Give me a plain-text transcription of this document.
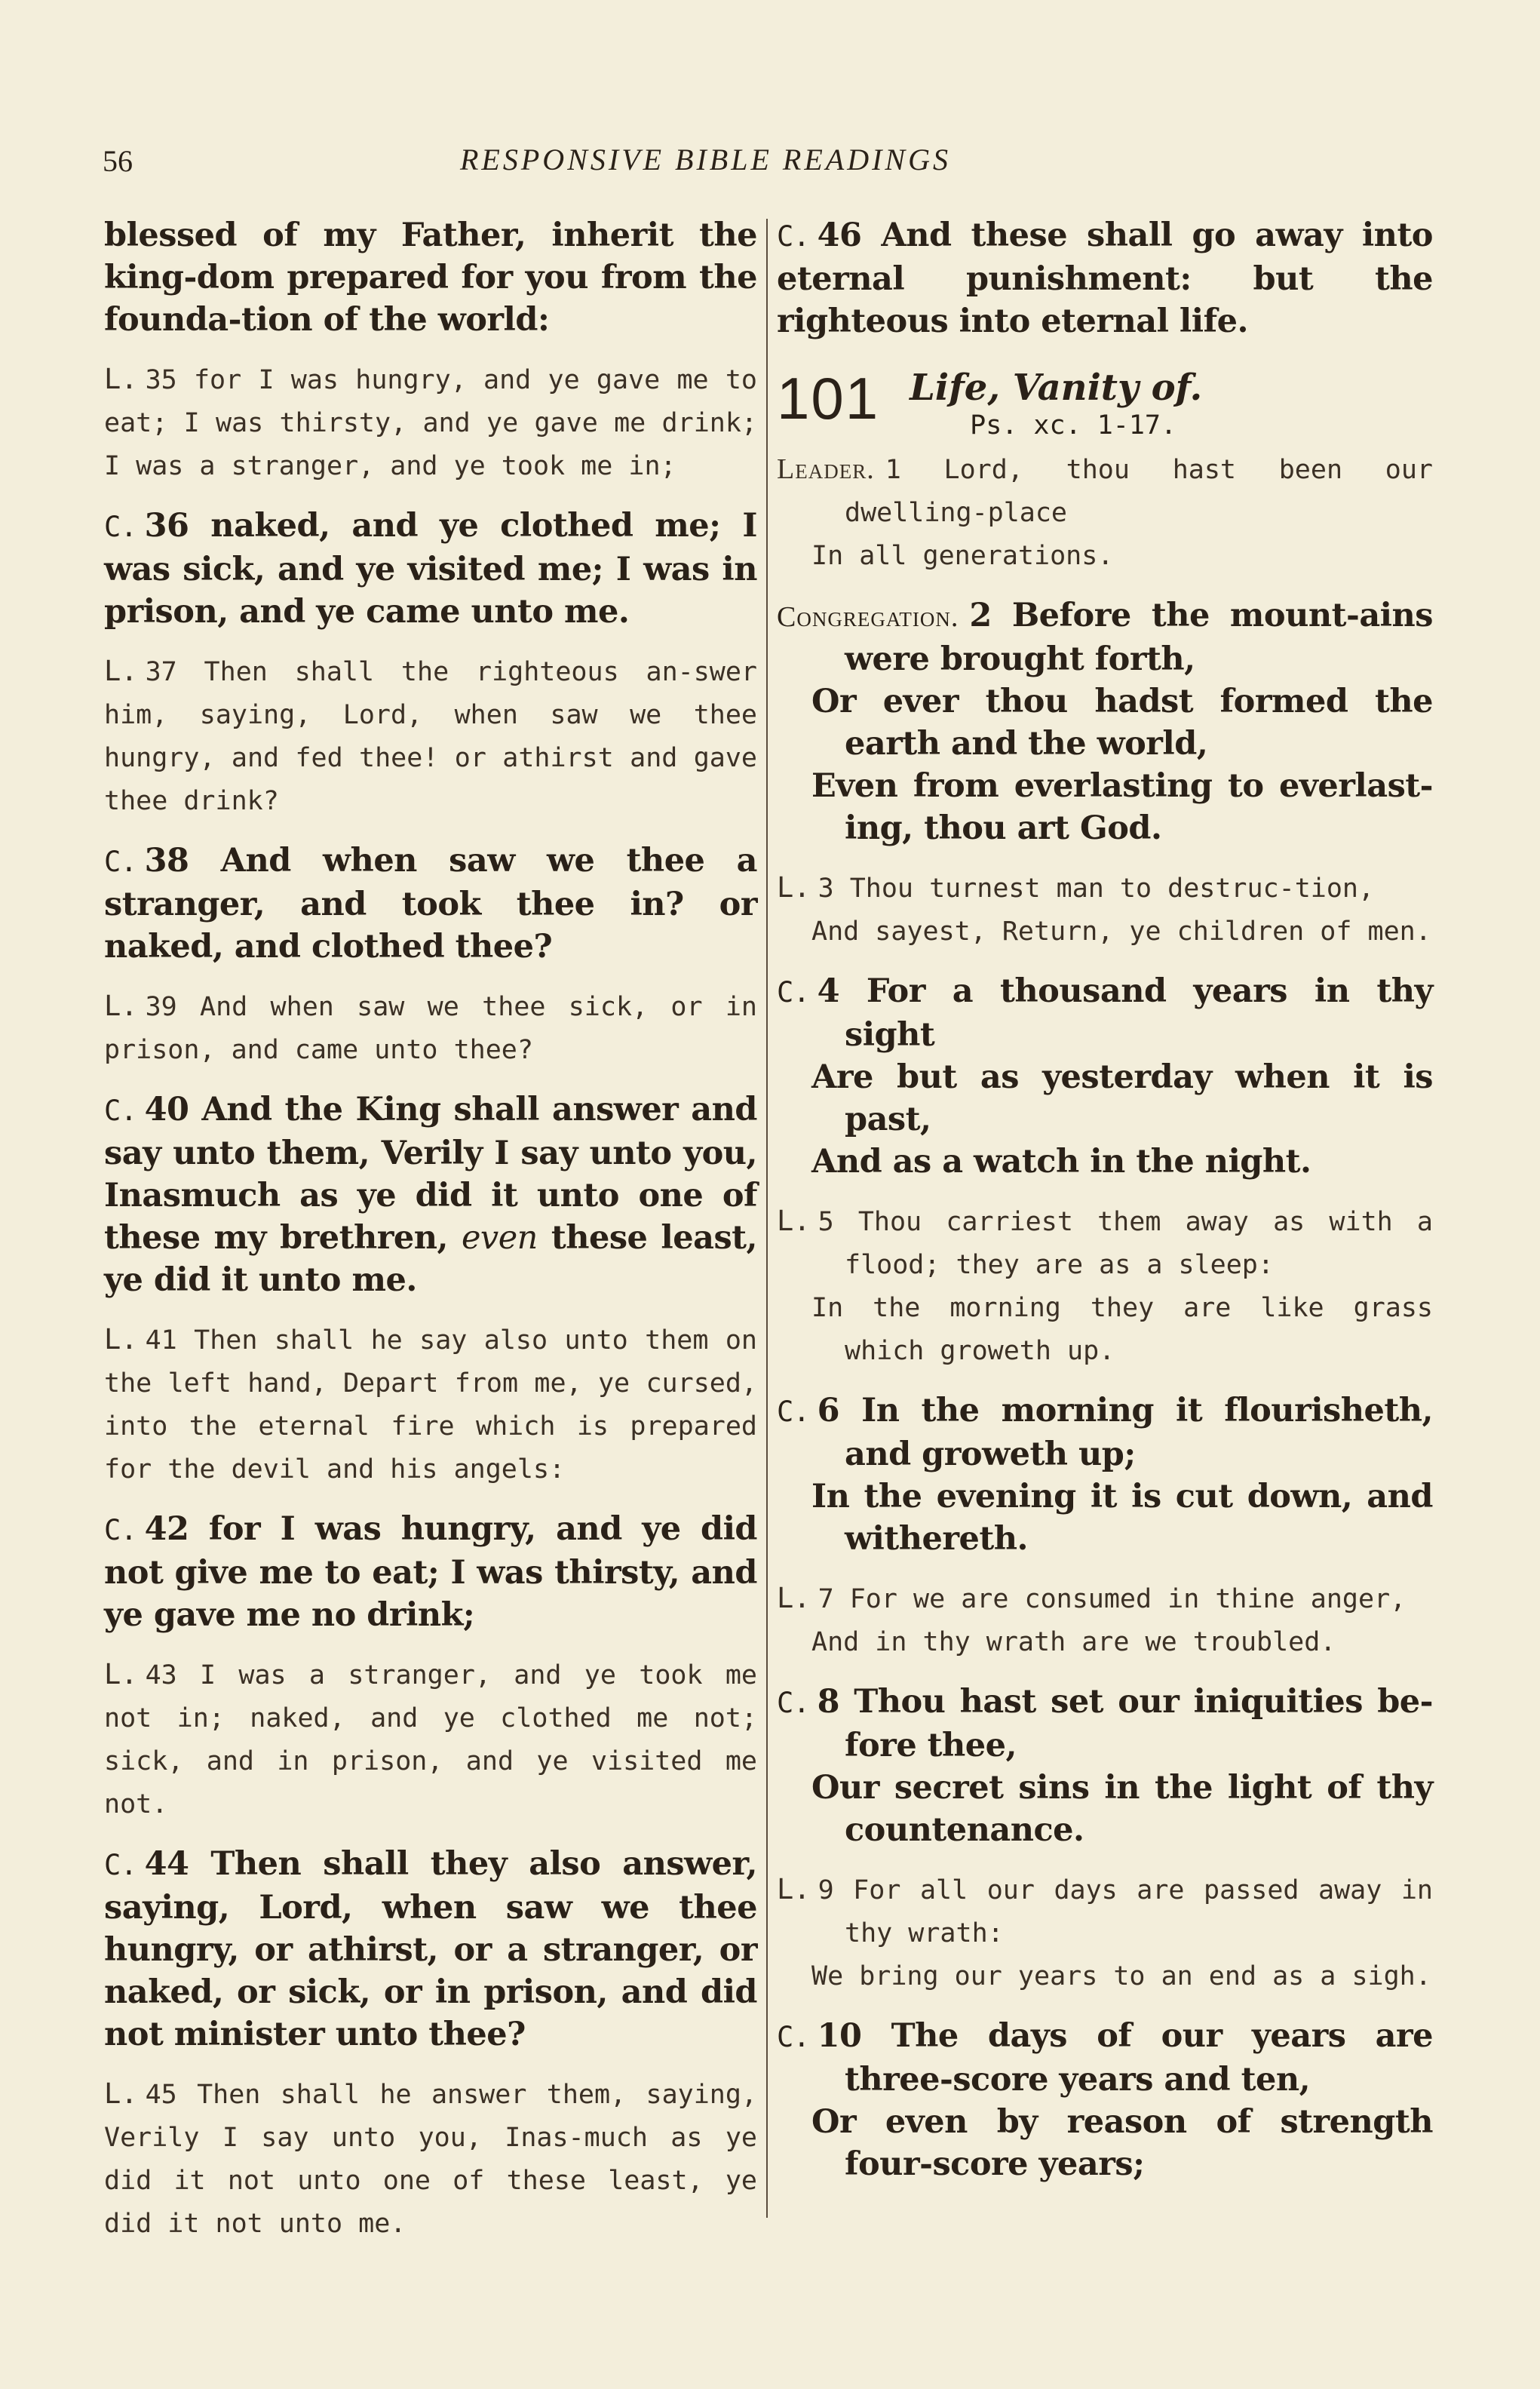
56	RESPONSIVE BIBLE READINGS

blessed of my Father, inherit the king-dom prepared for you from the founda-tion of the world:

L. 35 for I was hungry, and ye gave me to eat; I was thirsty, and ye gave me drink; I was a stranger, and ye took me in;

C. 36 naked, and ye clothed me; I was sick, and ye visited me; I was in prison, and ye came unto me.

L. 37 Then shall the righteous an-swer him, saying, Lord, when saw we thee hungry, and fed thee! or athirst and gave thee drink?

C. 38 And when saw we thee a stranger, and took thee in? or naked, and clothed thee?

L. 39 And when saw we thee sick, or in prison, and came unto thee?

C. 40 And the King shall answer and say unto them, Verily I say unto you, Inasmuch as ye did it unto one of these my brethren, even these least, ye did it unto me.

L. 41 Then shall he say also unto them on the left hand, Depart from me, ye cursed, into the eternal fire which is prepared for the devil and his angels:

C. 42 for I was hungry, and ye did not give me to eat; I was thirsty, and ye gave me no drink;

L. 43 I was a stranger, and ye took me not in; naked, and ye clothed me not; sick, and in prison, and ye visited me not.

C. 44 Then shall they also answer, saying, Lord, when saw we thee hungry, or athirst, or a stranger, or naked, or sick, or in prison, and did not minister unto thee?

L. 45 Then shall he answer them, saying, Verily I say unto you, Inas-much as ye did it not unto one of these least, ye did it not unto me.

C. 46 And these shall go away into eternal punishment: but the righteous into eternal life.

101 Life, Vanity of.
Ps. xc. 1-17.

Leader. 1 Lord, thou hast been our dwelling-place
In all generations.

Congregation. 2 Before the mount-ains were brought forth,
Or ever thou hadst formed the earth and the world,
Even from everlasting to everlast-ing, thou art God.

L. 3 Thou turnest man to destruc-tion,
And sayest, Return, ye children of men.

C. 4 For a thousand years in thy sight
Are but as yesterday when it is past,
And as a watch in the night.

L. 5 Thou carriest them away as with a flood; they are as a sleep:
In the morning they are like grass which groweth up.

C. 6 In the morning it flourisheth, and groweth up;
In the evening it is cut down, and withereth.

L. 7 For we are consumed in thine anger,
And in thy wrath are we troubled.

C. 8 Thou hast set our iniquities be-fore thee,
Our secret sins in the light of thy countenance.

L. 9 For all our days are passed away in thy wrath:
We bring our years to an end as a sigh.

C. 10 The days of our years are three-score years and ten,
Or even by reason of strength four-score years;
